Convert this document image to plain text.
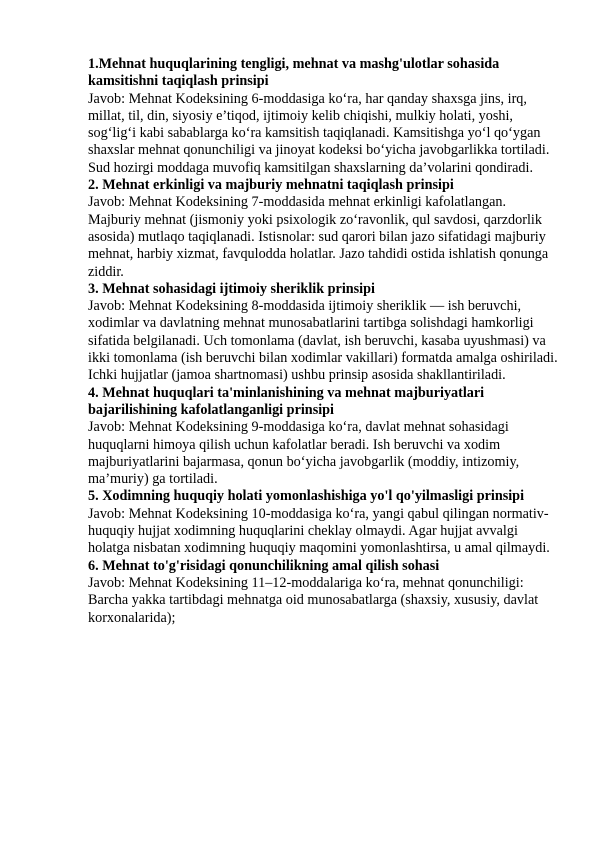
1.Mehnat huquqlarining tengligi, mehnat va mashg'ulotlar sohasida kamsitishni taqiqlash prinsipi

Javob: Mehnat Kodeksining 6-moddasiga ko‘ra, har qanday shaxsga jins, irq, millat, til, din, siyosiy e’tiqod, ijtimoiy kelib chiqishi, mulkiy holati, yoshi, sog‘lig‘i kabi sabablarga ko‘ra kamsitish taqiqlanadi. Kamsitishga yo‘l qo‘ygan shaxslar mehnat qonunchiligi va jinoyat kodeksi bo‘yicha javobgarlikka tortiladi. Sud hozirgi moddaga muvofiq kamsitilgan shaxslarning da’volarini qondiradi.

2. Mehnat erkinligi va majburiy mehnatni taqiqlash prinsipi

Javob: Mehnat Kodeksining 7-moddasida mehnat erkinligi kafolatlangan. Majburiy mehnat (jismoniy yoki psixologik zo‘ravonlik, qul savdosi, qarzdorlik asosida) mutlaqo taqiqlanadi. Istisnolar: sud qarori bilan jazo sifatidagi majburiy mehnat, harbiy xizmat, favqulodda holatlar. Jazo tahdidi ostida ishlatish qonunga ziddir.

3. Mehnat sohasidagi ijtimoiy sheriklik prinsipi

Javob: Mehnat Kodeksining 8-moddasida ijtimoiy sheriklik — ish beruvchi, xodimlar va davlatning mehnat munosabatlarini tartibga solishdagi hamkorligi sifatida belgilanadi. Uch tomonlama (davlat, ish beruvchi, kasaba uyushmasi) va ikki tomonlama (ish beruvchi bilan xodimlar vakillari) formatda amalga oshiriladi. Ichki hujjatlar (jamoa shartnomasi) ushbu prinsip asosida shakllantiriladi.

4. Mehnat huquqlari ta'minlanishining va mehnat majburiyatlari bajarilishining kafolatlanganligi prinsipi

Javob: Mehnat Kodeksining 9-moddasiga ko‘ra, davlat mehnat sohasidagi huquqlarni himoya qilish uchun kafolatlar beradi. Ish beruvchi va xodim majburiyatlarini bajarmasa, qonun bo‘yicha javobgarlik (moddiy, intizomiy, ma’muriy) ga tortiladi.

5. Xodimning huquqiy holati yomonlashishiga yo'l qo'yilmasligi prinsipi

Javob: Mehnat Kodeksining 10-moddasiga ko‘ra, yangi qabul qilingan normativ-huquqiy hujjat xodimning huquqlarini cheklay olmaydi. Agar hujjat avvalgi holatga nisbatan xodimning huquqiy maqomini yomonlashtirsa, u amal qilmaydi.

6. Mehnat to'g'risidagi qonunchilikning amal qilish sohasi

Javob: Mehnat Kodeksining 11–12-moddalariga ko‘ra, mehnat qonunchiligi:

Barcha yakka tartibdagi mehnatga oid munosabatlarga (shaxsiy, xususiy, davlat korxonalarida);
